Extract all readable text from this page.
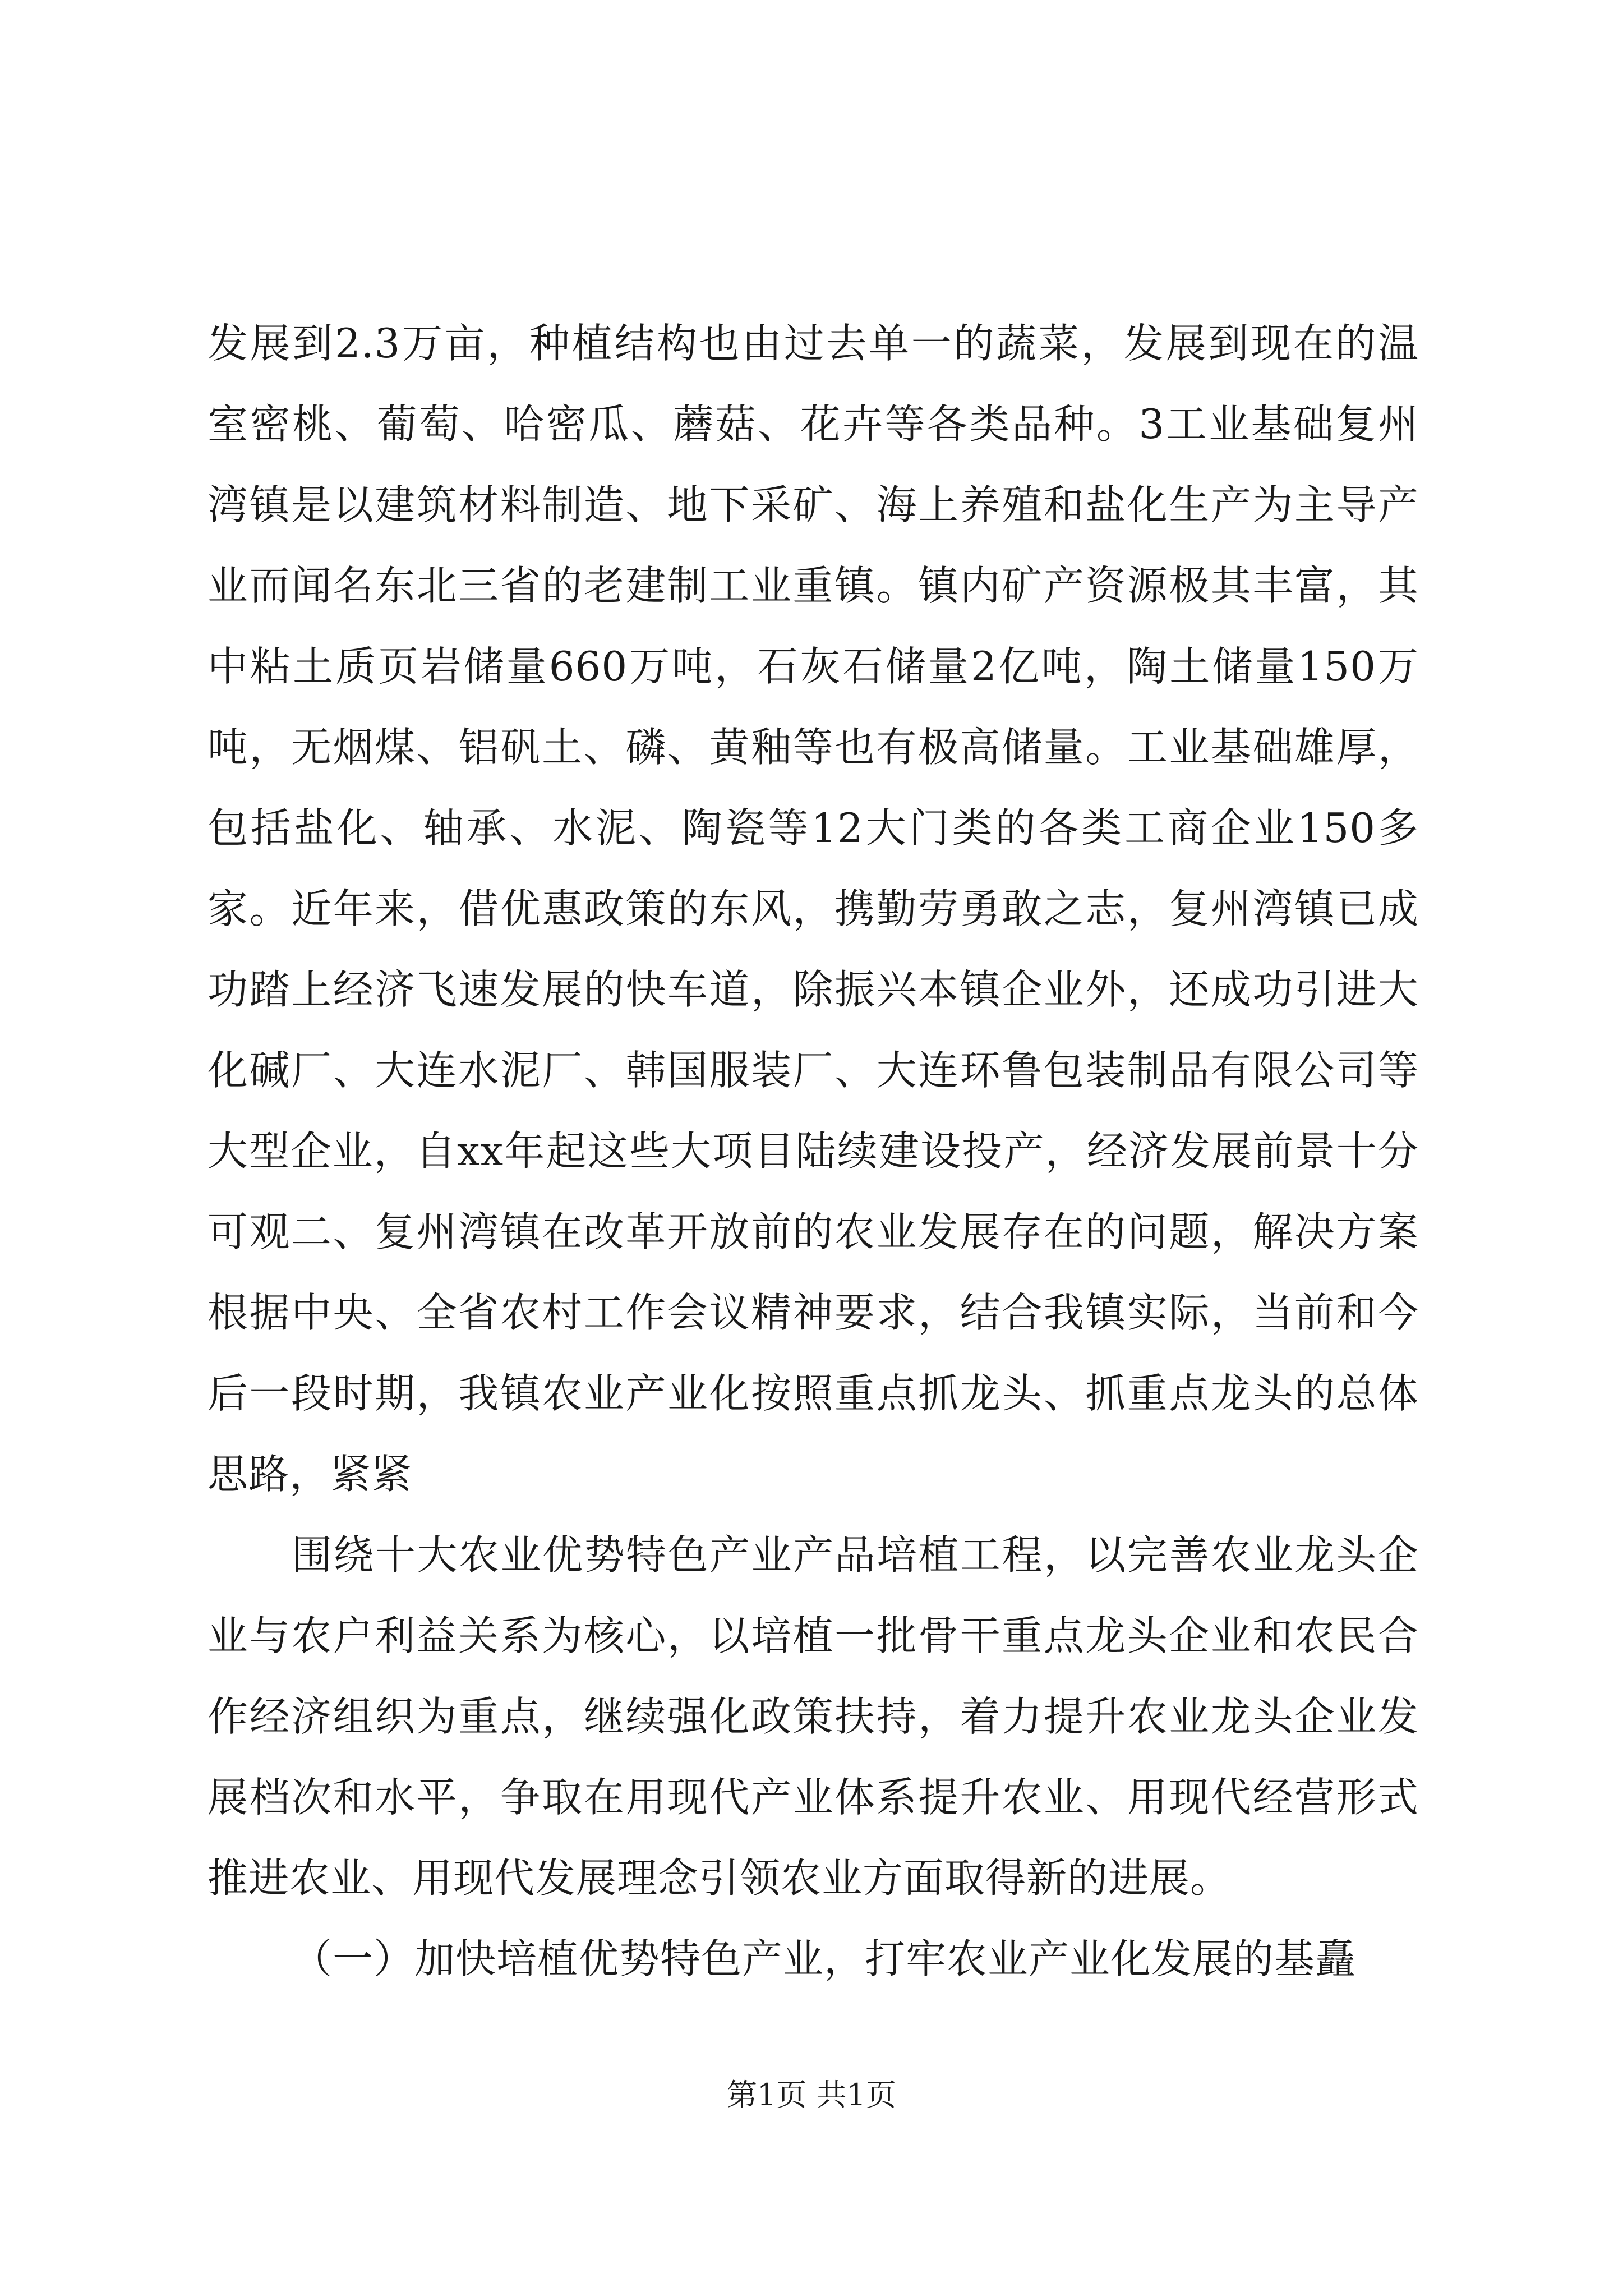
发展到2.3万亩，种植结构也由过去单一的蔬菜，发展到现在的温室密桃、葡萄、哈密瓜、蘑菇、花卉等各类品种。3工业基础复州湾镇是以建筑材料制造、地下采矿、海上养殖和盐化生产为主导产业而闻名东北三省的老建制工业重镇。镇内矿产资源极其丰富，其中粘土质页岩储量660万吨，石灰石储量2亿吨，陶土储量150万吨，无烟煤、铝矾土、磷、黄釉等也有极高储量。工业基础雄厚，包括盐化、轴承、水泥、陶瓷等12大门类的各类工商企业150多家。近年来，借优惠政策的东风，携勤劳勇敢之志，复州湾镇已成功踏上经济飞速发展的快车道，除振兴本镇企业外，还成功引进大化碱厂、大连水泥厂、韩国服装厂、大连环鲁包装制品有限公司等大型企业，自xx年起这些大项目陆续建设投产，经济发展前景十分可观二、复州湾镇在改革开放前的农业发展存在的问题，解决方案根据中央、全省农村工作会议精神要求，结合我镇实际，当前和今后一段时期，我镇农业产业化按照重点抓龙头、抓重点龙头的总体思路，紧紧

围绕十大农业优势特色产业产品培植工程，以完善农业龙头企业与农户利益关系为核心，以培植一批骨干重点龙头企业和农民合作经济组织为重点，继续强化政策扶持，着力提升农业龙头企业发展档次和水平，争取在用现代产业体系提升农业、用现代经营形式推进农业、用现代发展理念引领农业方面取得新的进展。

（一）加快培植优势特色产业，打牢农业产业化发展的基矗

第1页 共1页
